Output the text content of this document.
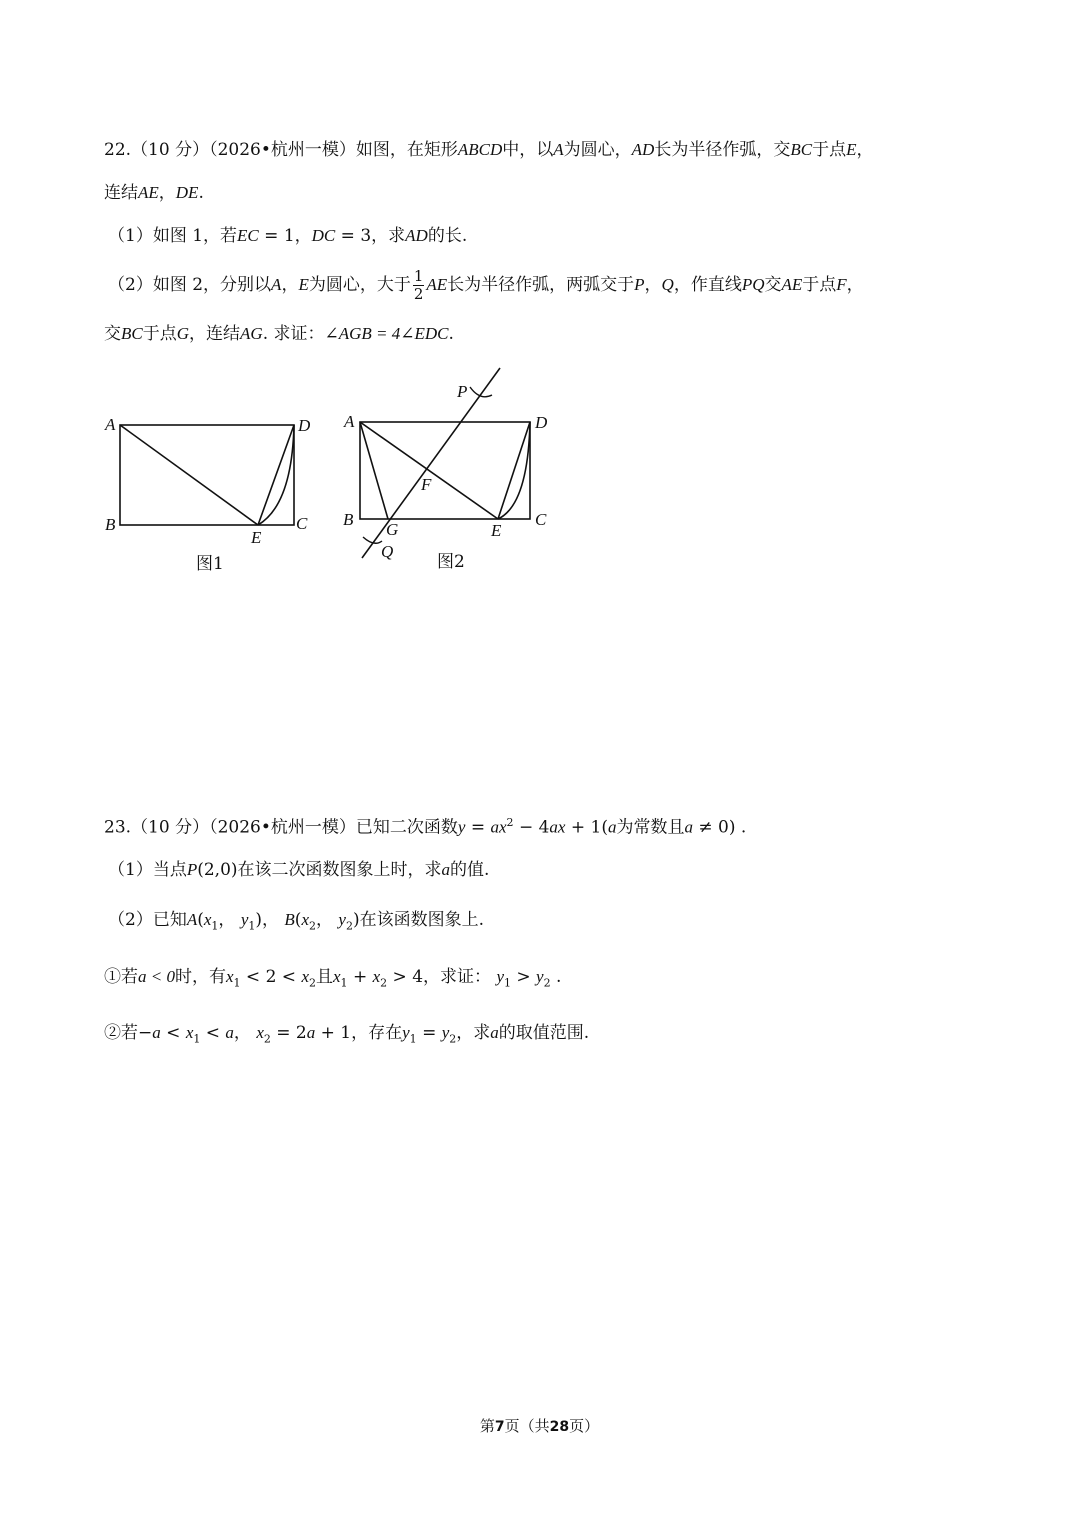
22.（10 分）（2026•杭州一模）如图，在矩形ABCD中，以A为圆心，AD长为半径作弧，交BC于点E，
连结AE，DE.
（1）如图 1，若EC = 1，DC = 3，求AD的长.
（2）如图 2，分别以A，E为圆心，大于 $\frac{1}{2}$ AE长为半径作弧，两弧交于P，Q，作直线PQ交AE于点F，
交BC于点G，连结AG. 求证：∠AGB = 4∠EDC.
A	D
B	C
E
图1
A	D
B	C
E
F
G
P
Q
图2
23.（10 分）（2026•杭州一模）已知二次函数$y = ax^2 - 4ax + 1(a$为常数且a ≠ 0) .
（1）当点P(2,0)在该二次函数图象上时，求a的值.
（2）已知$A(x_1$， $y_1$)， $B(x_2$， $y_2$)在该函数图象上.
①若a < 0时，有$x_1 < 2 < x_2$且$x_1 + x_2 > 4$，求证： $y_1 > y_2$ .
②若$-a < x_1 < a$， $x_2 = 2a + 1$，存在$y_1 = y_2$，求a的取值范围.
第7页（共28页）
